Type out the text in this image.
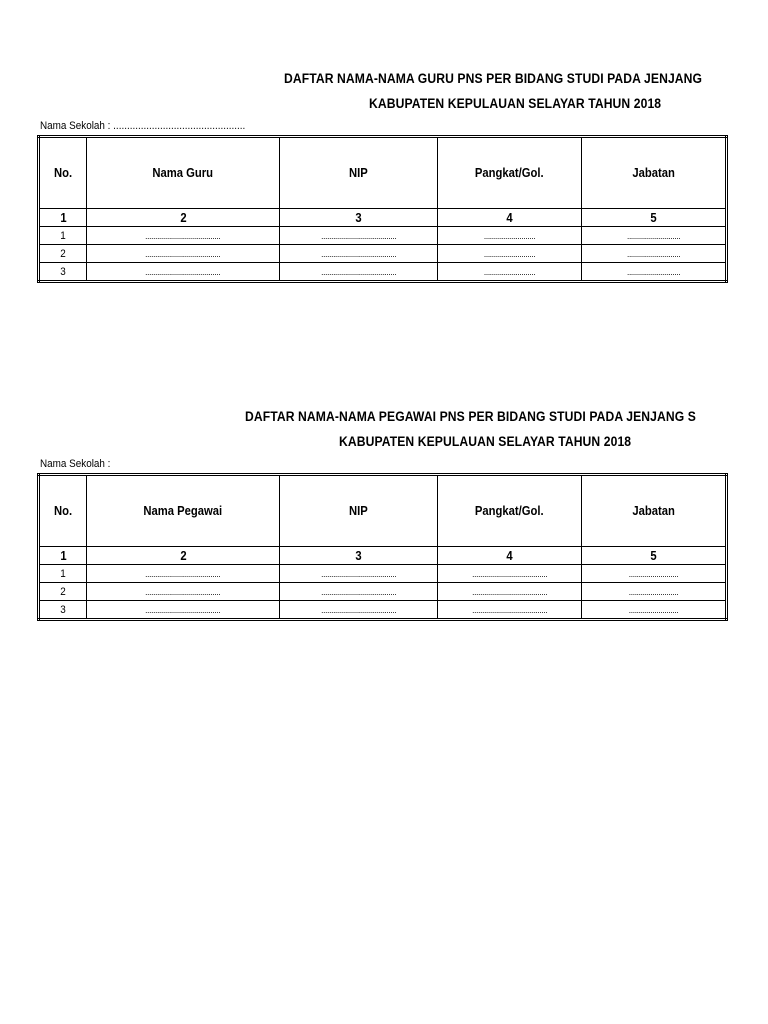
DAFTAR NAMA-NAMA GURU PNS PER BIDANG STUDI PADA JENJANG
KABUPATEN KEPULAUAN SELAYAR TAHUN 2018
Nama Sekolah : ................................................
No.	Nama Guru	NIP	Pangkat/Gol.	Jabatan
1	2	3	4	5
1	......................................	......................................	..........................	...........................
2	......................................	......................................	..........................	...........................
3	......................................	......................................	..........................	...........................
DAFTAR NAMA-NAMA PEGAWAI PNS PER BIDANG STUDI PADA JENJANG S
KABUPATEN KEPULAUAN SELAYAR TAHUN 2018
Nama Sekolah :
No.	Nama Pegawai	NIP	Pangkat/Gol.	Jabatan
1	2	3	4	5
1	......................................	......................................	......................................	.........................
2	......................................	......................................	......................................	.........................
3	......................................	......................................	......................................	.........................
